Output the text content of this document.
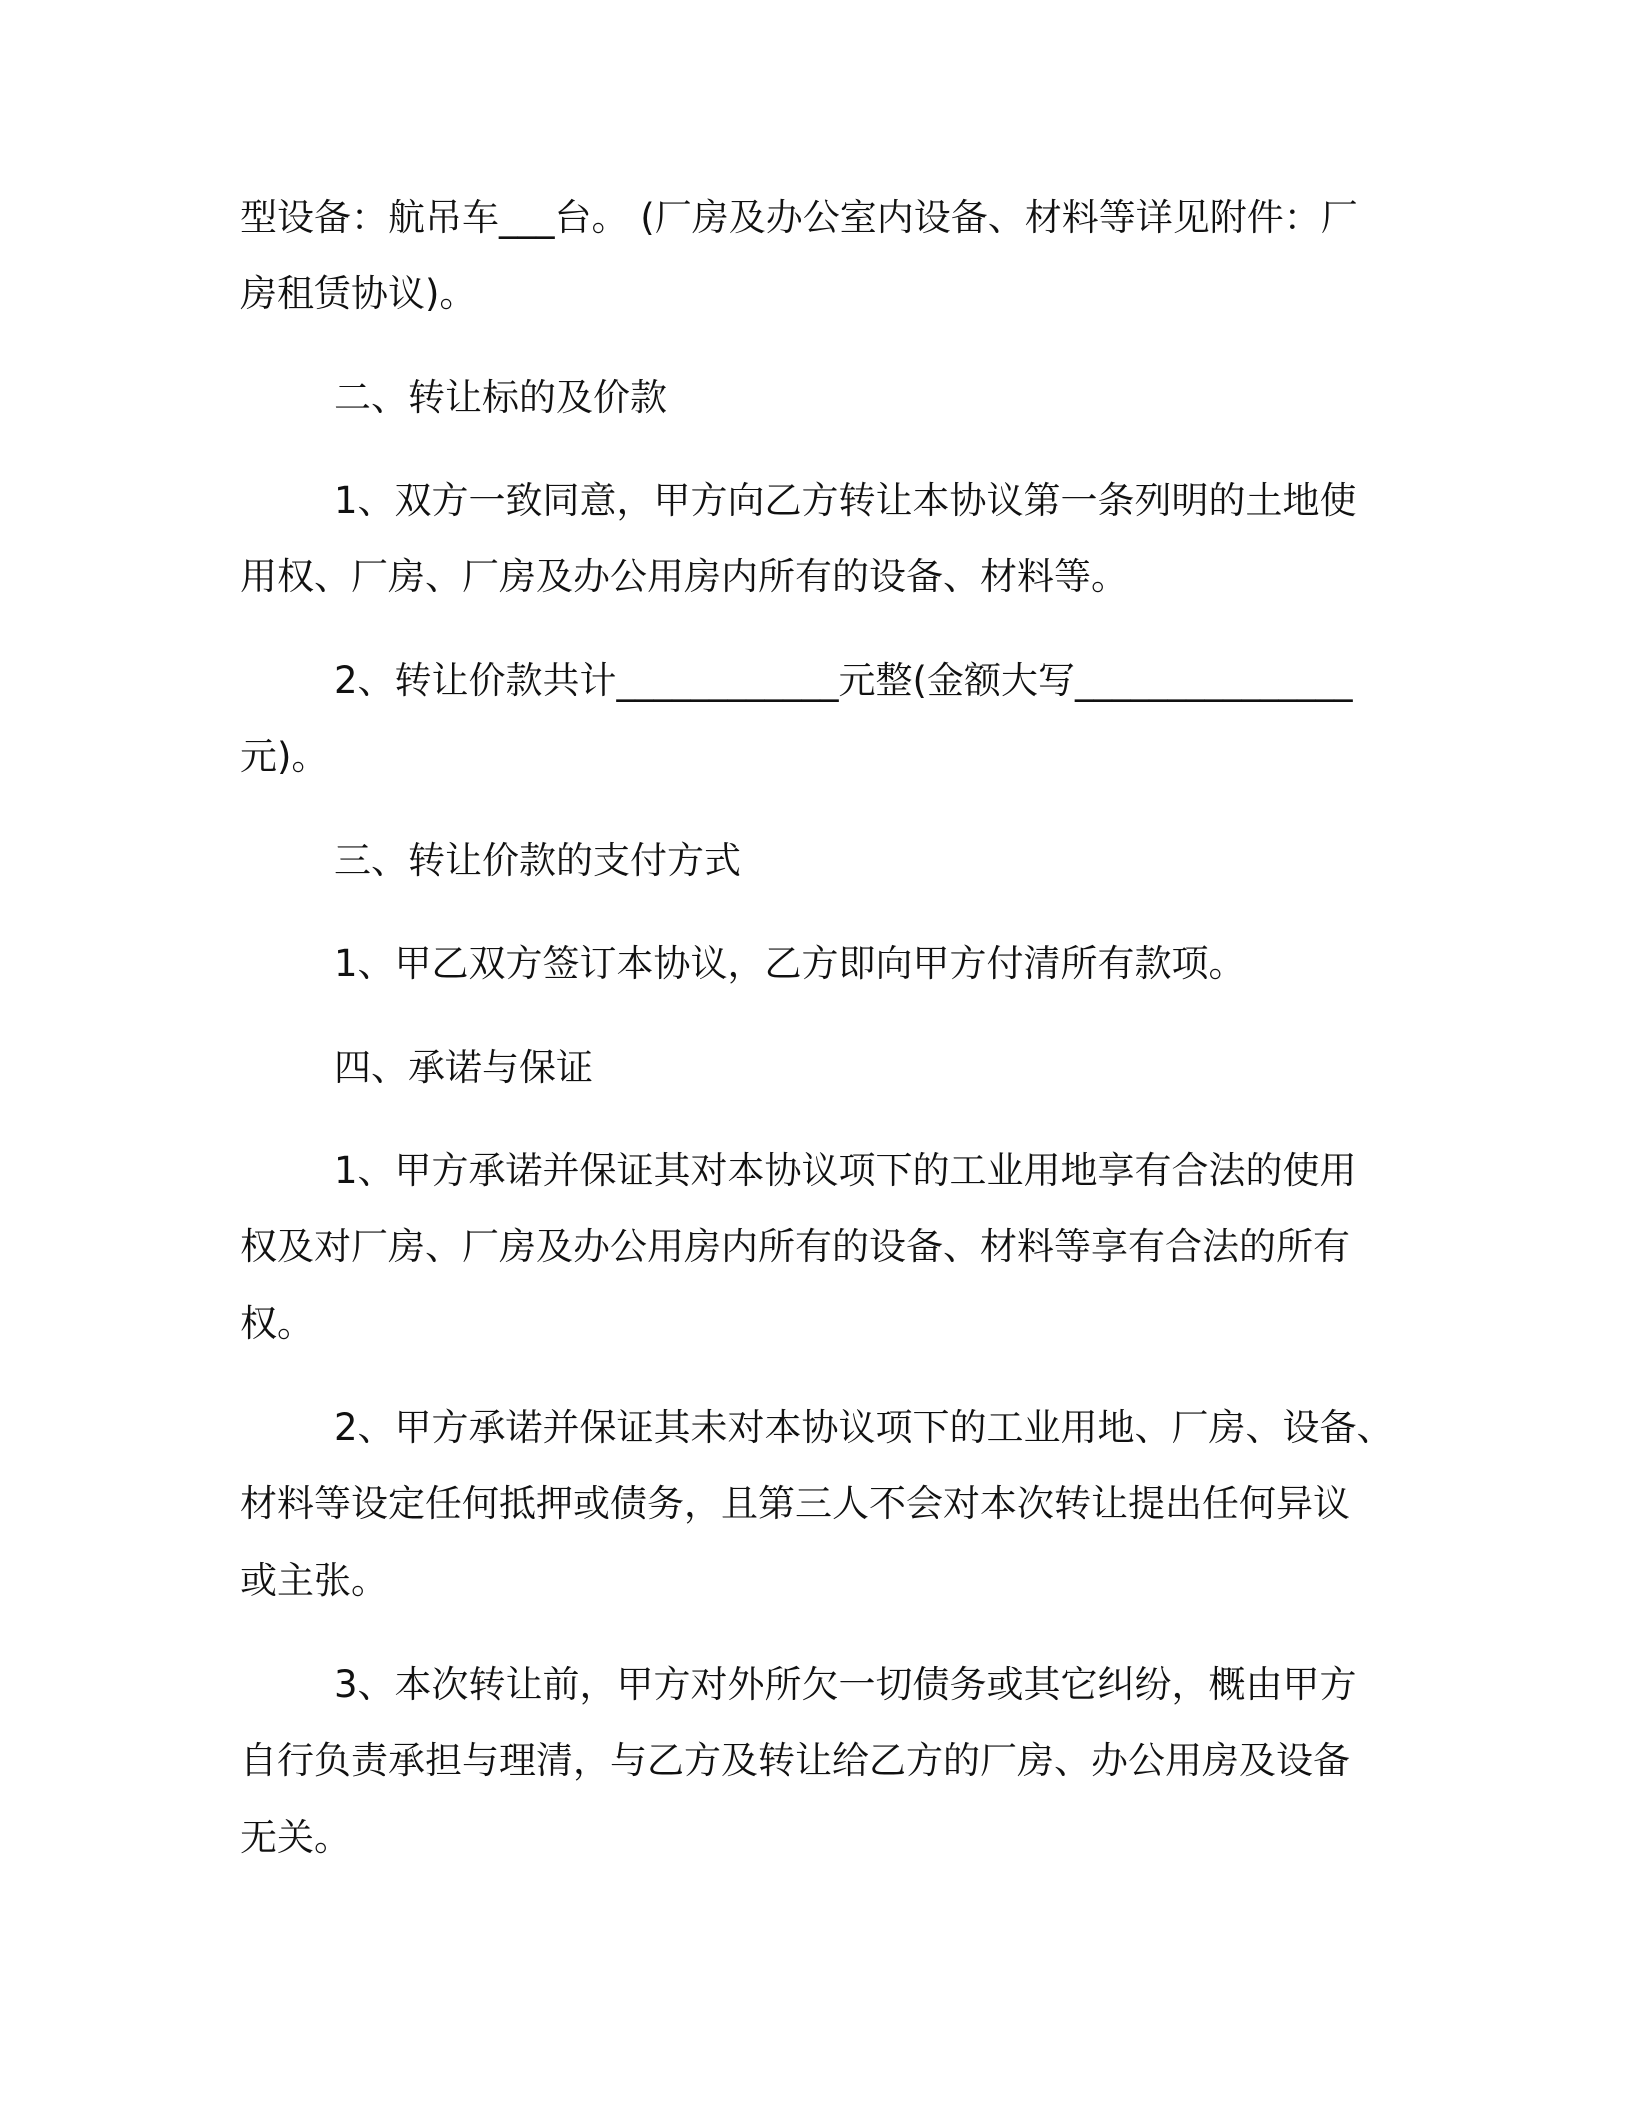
型设备：航吊车___台。 (厂房及办公室内设备、材料等详见附件：厂
房租赁协议)。
二、转让标的及价款
1、双方一致同意，甲方向乙方转让本协议第一条列明的土地使
用权、厂房、厂房及办公用房内所有的设备、材料等。
2、转让价款共计____________元整(金额大写_______________
元)。
三、转让价款的支付方式
1、甲乙双方签订本协议，乙方即向甲方付清所有款项。
四、承诺与保证
1、甲方承诺并保证其对本协议项下的工业用地享有合法的使用
权及对厂房、厂房及办公用房内所有的设备、材料等享有合法的所有
权。
2、甲方承诺并保证其未对本协议项下的工业用地、厂房、设备、
材料等设定任何抵押或债务，且第三人不会对本次转让提出任何异议
或主张。
3、本次转让前，甲方对外所欠一切债务或其它纠纷，概由甲方
自行负责承担与理清，与乙方及转让给乙方的厂房、办公用房及设备
无关。
